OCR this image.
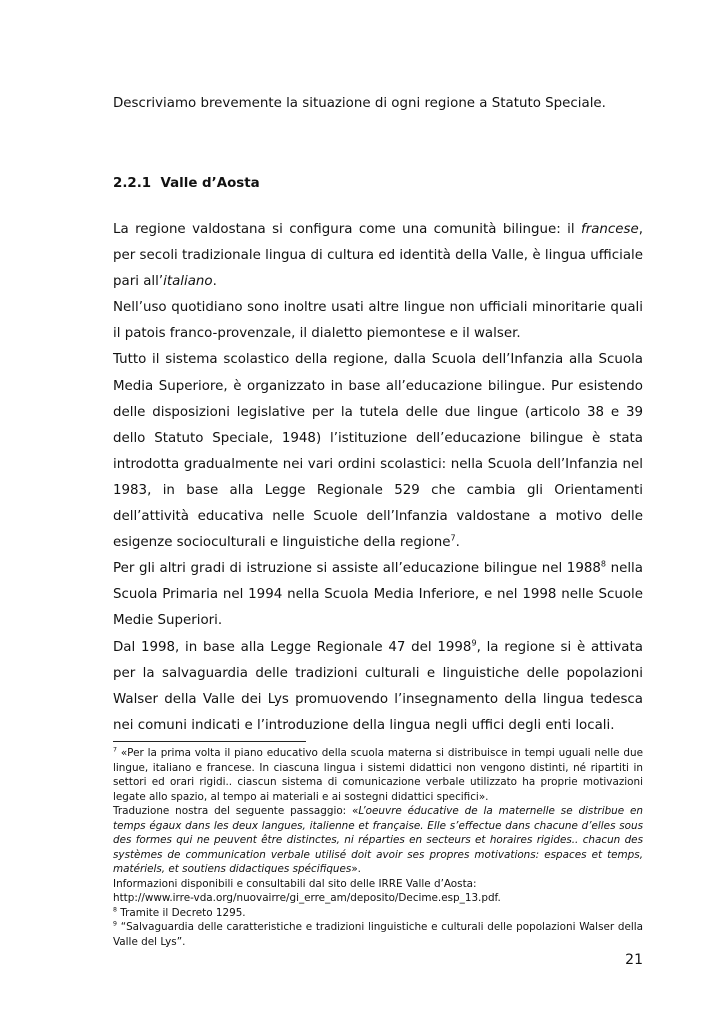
Descriviamo brevemente la situazione di ogni regione a Statuto Speciale.
2.2.1 Valle d’Aosta

La regione valdostana si configura come una comunità bilingue: il francese, per secoli tradizionale lingua di cultura ed identità della Valle, è lingua ufficiale pari all’italiano.

Nell’uso quotidiano sono inoltre usati altre lingue non ufficiali minoritarie quali il patois franco-provenzale, il dialetto piemontese e il walser.

Tutto il sistema scolastico della regione, dalla Scuola dell’Infanzia alla Scuola Media Superiore, è organizzato in base all’educazione bilingue. Pur esistendo delle disposizioni legislative per la tutela delle due lingue (articolo 38 e 39 dello Statuto Speciale, 1948) l’istituzione dell’educazione bilingue è stata introdotta gradualmente nei vari ordini scolastici: nella Scuola dell’Infanzia nel 1983, in base alla Legge Regionale 529 che cambia gli Orientamenti dell’attività educativa nelle Scuole dell’Infanzia valdostane a motivo delle esigenze socioculturali e linguistiche della regione$^7$.

Per gli altri gradi di istruzione si assiste all’educazione bilingue nel 1988$^8$ nella Scuola Primaria nel 1994 nella Scuola Media Inferiore, e nel 1998 nelle Scuole Medie Superiori.

Dal 1998, in base alla Legge Regionale 47 del 1998$^9$, la regione si è attivata per la salvaguardia delle tradizioni culturali e linguistiche delle popolazioni Walser della Valle dei Lys promuovendo l’insegnamento della lingua tedesca nei comuni indicati e l’introduzione della lingua negli uffici degli enti locali.

$^7$ «Per la prima volta il piano educativo della scuola materna si distribuisce in tempi uguali nelle due lingue, italiano e francese. In ciascuna lingua i sistemi didattici non vengono distinti, né ripartiti in settori ed orari rigidi.. ciascun sistema di comunicazione verbale utilizzato ha proprie motivazioni legate allo spazio, al tempo ai materiali e ai sostegni didattici specifici».

Traduzione nostra del seguente passaggio: «L’oeuvre éducative de la maternelle se distribue en temps égaux dans les deux langues, italienne et française. Elle s’effectue dans chacune d’elles sous des formes qui ne peuvent être distinctes, ni réparties en secteurs et horaires rigides.. chacun des systèmes de communication verbale utilisé doit avoir ses propres motivations: espaces et temps, matériels, et soutiens didactiques spécifiques».

Informazioni disponibili e consultabili dal sito delle IRRE Valle d’Aosta:

http://www.irre-vda.org/nuovairre/gi_erre_am/deposito/Decime.esp_13.pdf.

$^8$ Tramite il Decreto 1295.

$^9$ “Salvaguardia delle caratteristiche e tradizioni linguistiche e culturali delle popolazioni Walser della Valle del Lys”.

21
